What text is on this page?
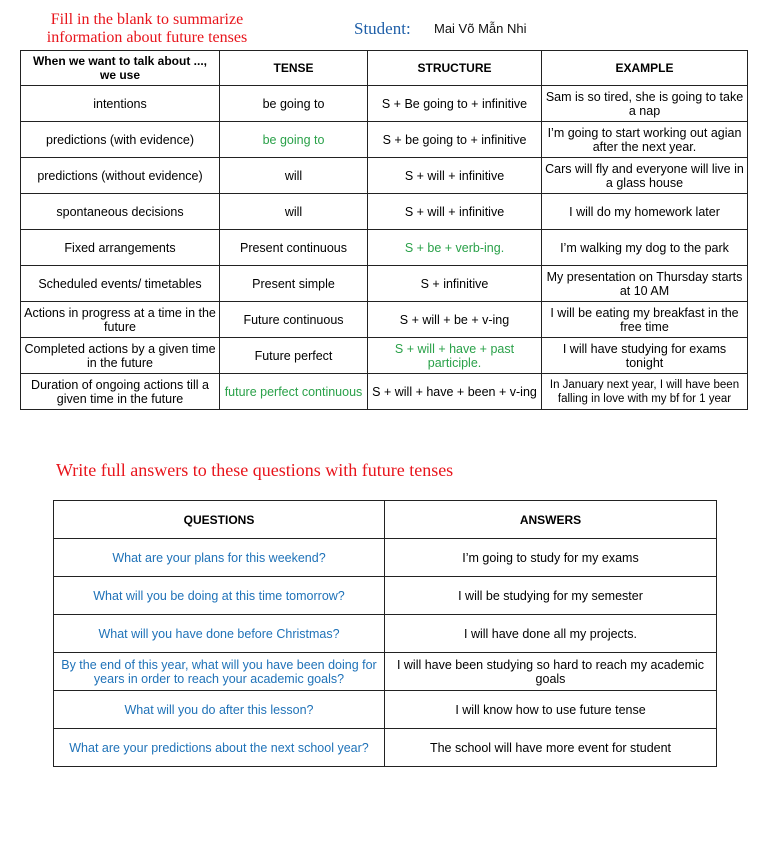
Fill in the blank to summarize
information about future tenses	Student: Mai Võ Mẫn Nhi
When we want to talk about ..., we use	TENSE	STRUCTURE	EXAMPLE
intentions	be going to	S + Be going to + infinitive	Sam is so tired, she is going to take a nap
predictions (with evidence)	be going to	S + be going to + infinitive	I’m going to start working out agian after the next year.
predictions (without evidence)	will	S + will + infinitive	Cars will fly and everyone will live in a glass house
spontaneous decisions	will	S + will + infinitive	I will do my homework later
Fixed arrangements	Present continuous	S + be + verb-ing.	I’m walking my dog to the park
Scheduled events/ timetables	Present simple	S + infinitive	My presentation on Thursday starts at 10 AM
Actions in progress at a time in the future	Future continuous	S + will + be + v-ing	I will be eating my breakfast in the free time
Completed actions by a given time in the future	Future perfect	S + will + have + past participle.	I will have studying for exams tonight
Duration of ongoing actions till a given time in the future	future perfect continuous	S + will + have + been + v-ing	In January next year, I will have been falling in love with my bf for 1 year
Write full answers to these questions with future tenses
QUESTIONS	ANSWERS
What are your plans for this weekend?	I’m going to study for my exams
What will you be doing at this time tomorrow?	I will be studying for my semester
What will you have done before Christmas?	I will have done all my projects.
By the end of this year, what will you have been doing for years in order to reach your academic goals?	I will have been studying so hard to reach my academic goals
What will you do after this lesson?	I will know how to use future tense
What are your predictions about the next school year?	The school will have more event for student
